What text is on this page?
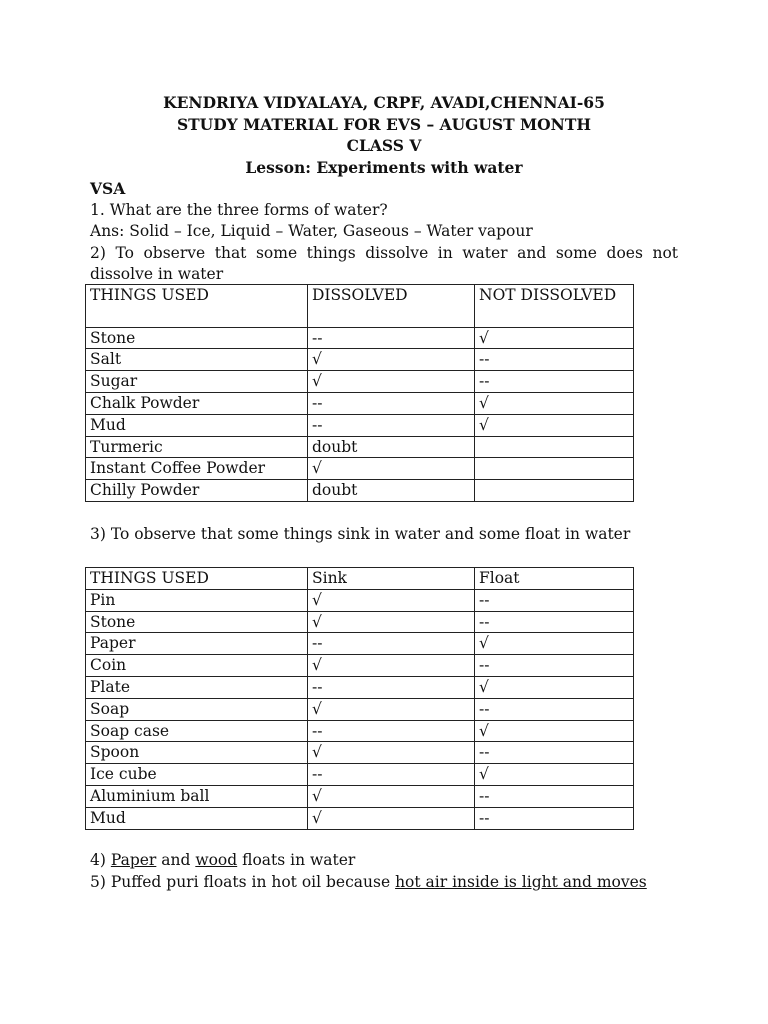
KENDRIYA VIDYALAYA, CRPF, AVADI,CHENNAI-65
STUDY MATERIAL FOR EVS – AUGUST MONTH
CLASS V
Lesson: Experiments with water
VSA
1. What are the three forms of water?
Ans: Solid – Ice, Liquid – Water, Gaseous – Water vapour
2) To observe that some things dissolve in water and some does not dissolve in water
THINGS USED	DISSOLVED	NOT DISSOLVED
Stone	--	√
Salt	√	--
Sugar	√	--
Chalk Powder	--	√
Mud	--	√
Turmeric	doubt	
Instant Coffee Powder	√	
Chilly Powder	doubt	
3) To observe that some things sink in water and some float in water
THINGS USED	Sink	Float
Pin	√	--
Stone	√	--
Paper	--	√
Coin	√	--
Plate	--	√
Soap	√	--
Soap case	--	√
Spoon	√	--
Ice cube	--	√
Aluminium ball	√	--
Mud	√	--
4) Paper and wood floats in water
5) Puffed puri floats in hot oil because hot air inside is light and moves
